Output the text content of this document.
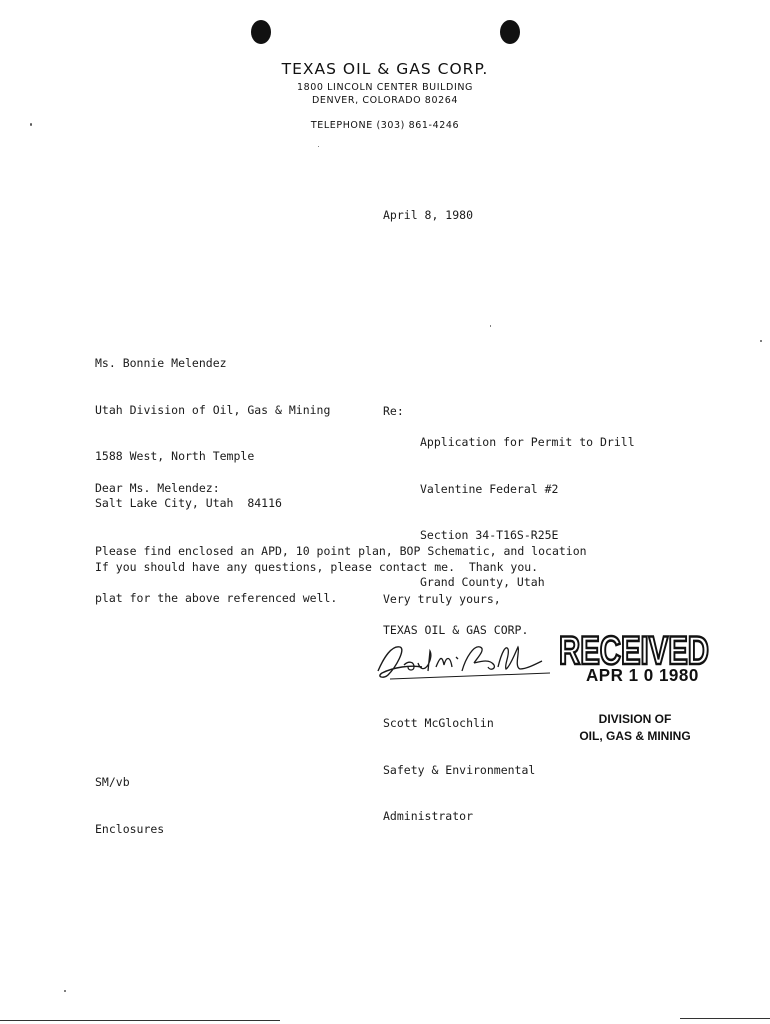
TEXAS OIL & GAS CORP.
1800 LINCOLN CENTER BUILDING
DENVER, COLORADO 80264
TELEPHONE (303) 861-4246
April 8, 1980

Ms. Bonnie Melendez

Utah Division of Oil, Gas & Mining

1588 West, North Temple

Salt Lake City, Utah  84116

Re:

Application for Permit to Drill

Valentine Federal #2

Section 34-T16S-R25E

Grand County, Utah

Dear Ms. Melendez:

Please find enclosed an APD, 10 point plan, BOP Schematic, and location

plat for the above referenced well.

If you should have any questions, please contact me.  Thank you.
Very truly yours,
TEXAS OIL & GAS CORP.

Scott McGlochlin

Safety & Environmental

Administrator

RECEIVED
APR 1 0 1980
DIVISION OF
OIL, GAS & MINING

SM/vb

Enclosures
